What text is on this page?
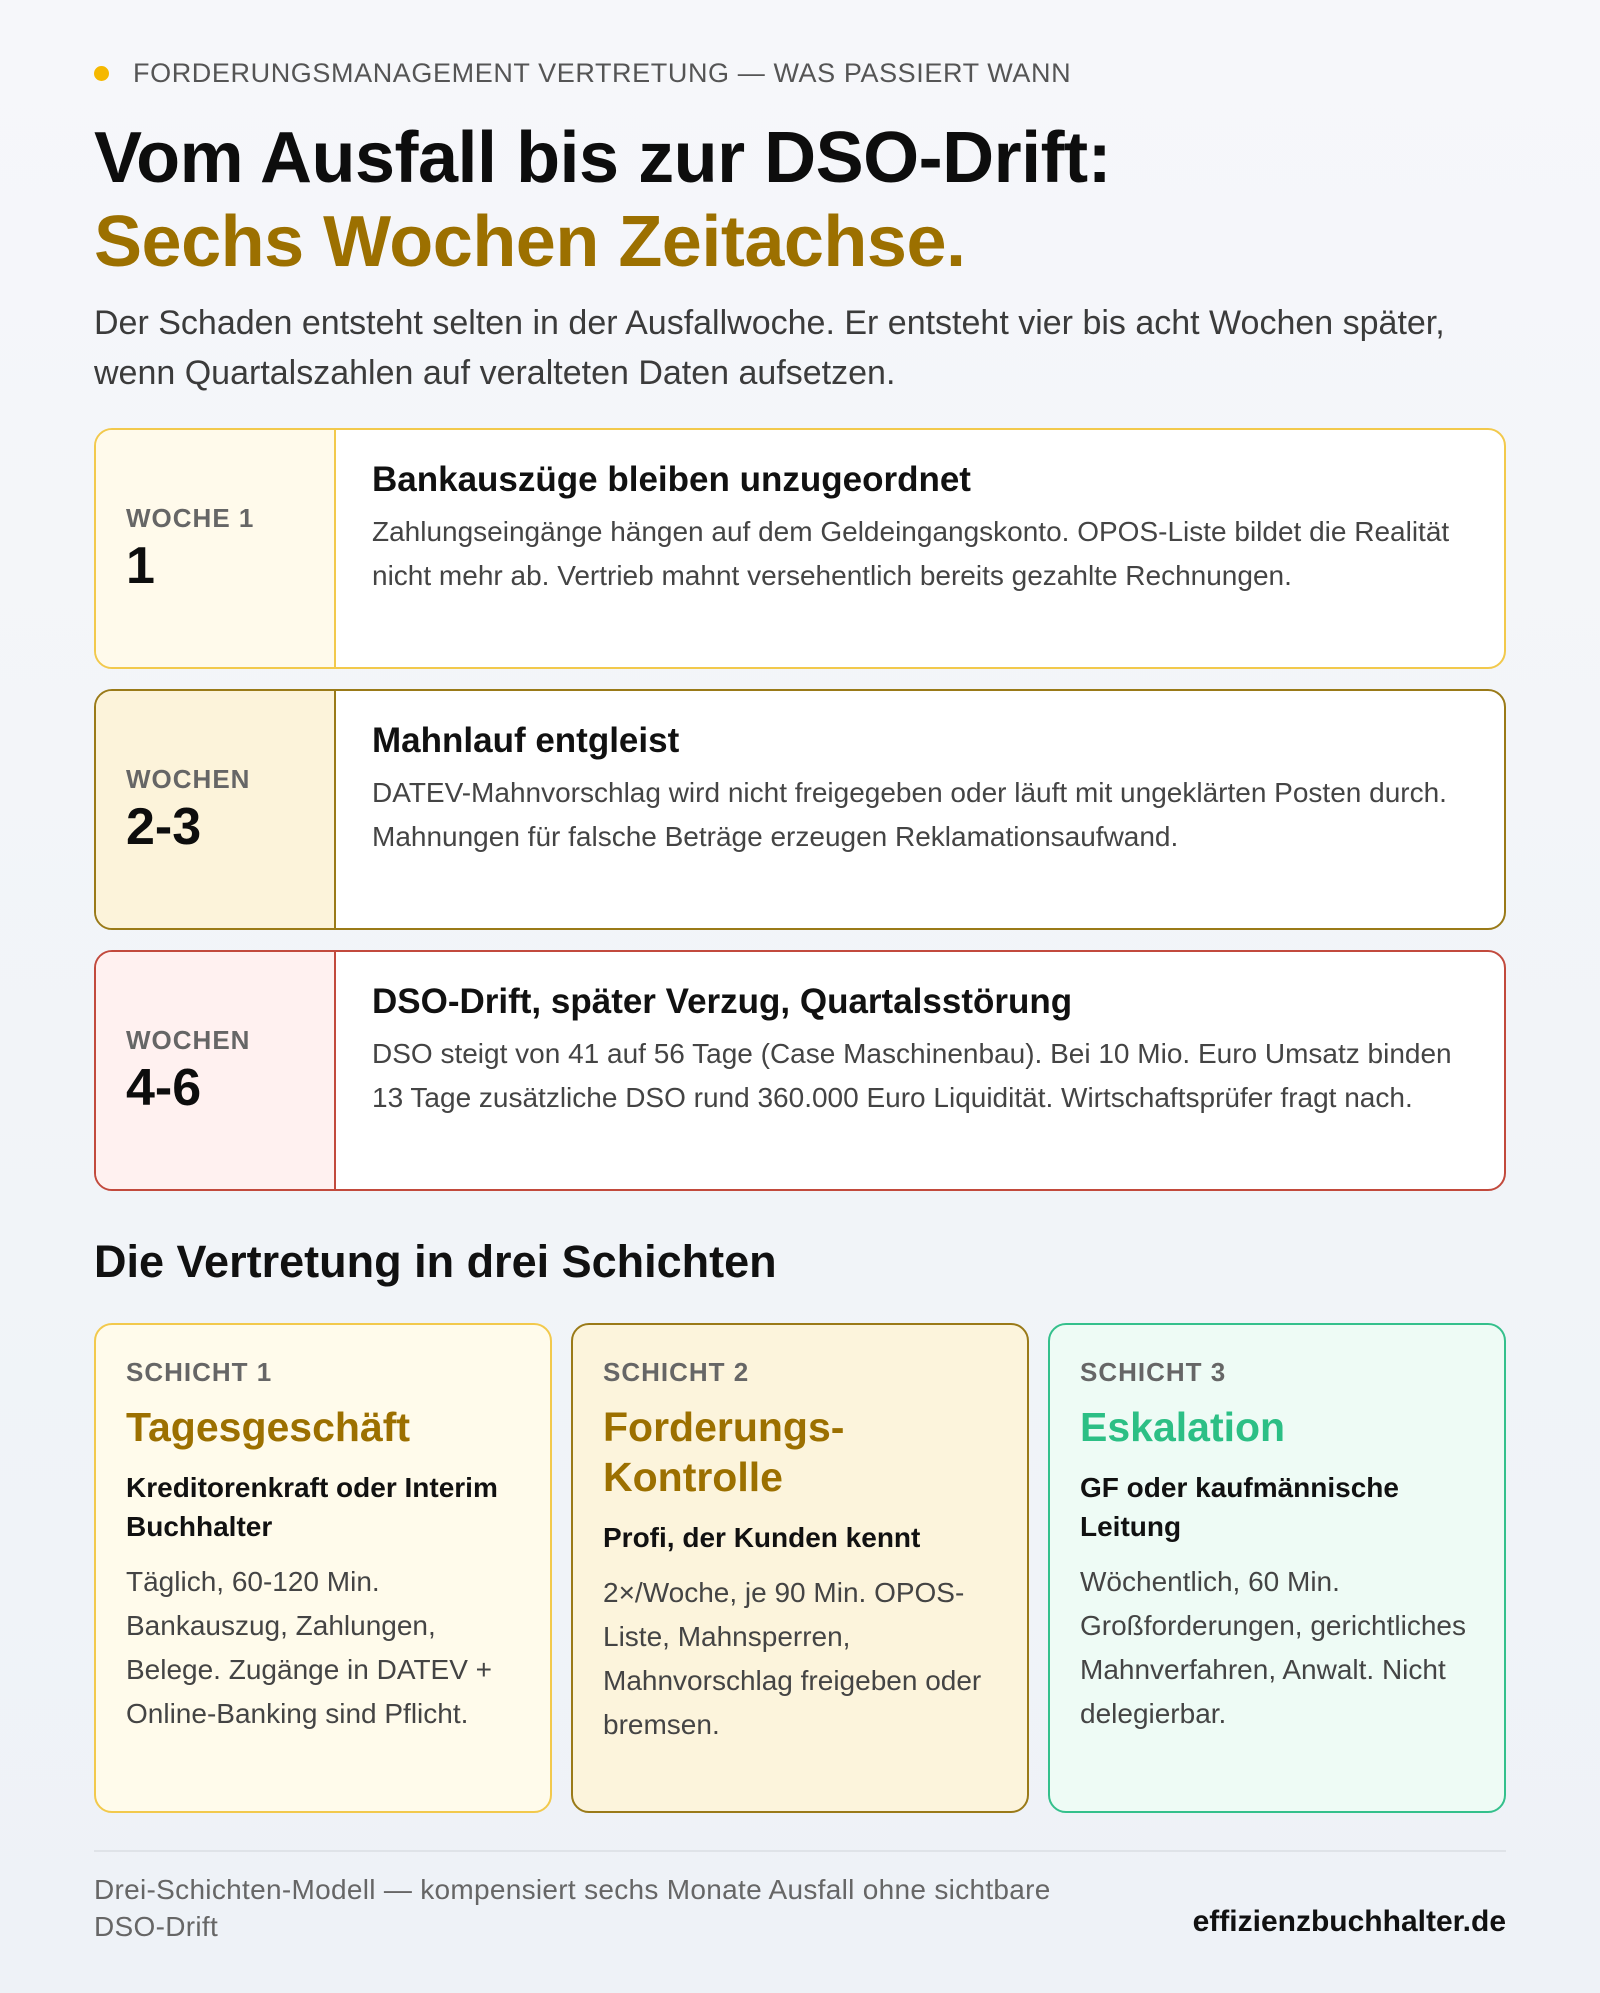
FORDERUNGSMANAGEMENT VERTRETUNG — WAS PASSIERT WANN
Vom Ausfall bis zur DSO-Drift:
Sechs Wochen Zeitachse.

Der Schaden entsteht selten in der Ausfallwoche. Er entsteht vier bis acht Wochen später, wenn Quartalszahlen auf veralteten Daten aufsetzen.

WOCHE 1
1
Bankauszüge bleiben unzugeordnet
Zahlungseingänge hängen auf dem Geldeingangskonto. OPOS-Liste bildet die Realität nicht mehr ab. Vertrieb mahnt versehentlich bereits gezahlte Rechnungen.
WOCHEN
2-3
Mahnlauf entgleist
DATEV-Mahnvorschlag wird nicht freigegeben oder läuft mit ungeklärten Posten durch. Mahnungen für falsche Beträge erzeugen Reklamationsaufwand.
WOCHEN
4-6
DSO-Drift, später Verzug, Quartalsstörung
DSO steigt von 41 auf 56 Tage (Case Maschinenbau). Bei 10 Mio. Euro Umsatz binden 13 Tage zusätzliche DSO rund 360.000 Euro Liquidität. Wirtschaftsprüfer fragt nach.
Die Vertretung in drei Schichten
SCHICHT 1
Tagesgeschäft
Kreditorenkraft oder Interim Buchhalter
Täglich, 60-120 Min. Bankauszug, Zahlungen, Belege. Zugänge in DATEV + Online-Banking sind Pflicht.
SCHICHT 2
Forderungs-Kontrolle
Profi, der Kunden kennt
2×/Woche, je 90 Min. OPOS-Liste, Mahnsperren, Mahnvorschlag freigeben oder bremsen.
SCHICHT 3
Eskalation
GF oder kaufmännische Leitung
Wöchentlich, 60 Min. Großforderungen, gerichtliches Mahnverfahren, Anwalt. Nicht delegierbar.
Drei-Schichten-Modell — kompensiert sechs Monate Ausfall ohne sichtbare DSO-Drift	effizienzbuchhalter.de
